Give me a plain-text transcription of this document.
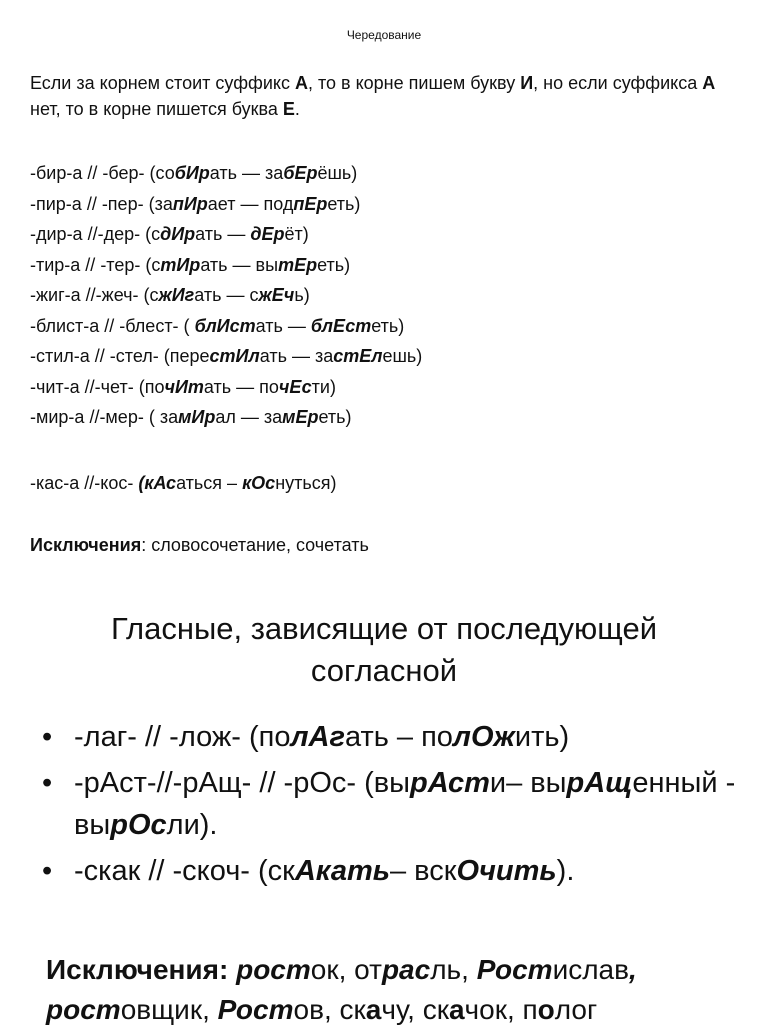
Чередование
Если за корнем стоит суффикс А, то в корне пишем букву И, но если суффикса А нет, то в корне пишется буква Е.
-бир-а // -бер- (собИрать — забЕрёшь)
-пир-а // -пер- (запИрает — подпЕреть)
-дир-а //-дер- (сдИрать — дЕрёт)
-тир-а // -тер- (стИрать — вытЕреть)
-жиг-а //-жеч- (сжИгать — сжЕчь)
-блист-а // -блест- ( блИстать — блЕстеть)
-стил-а // -стел- (перестИлать — застЕлешь)
-чит-а //-чет- (почИтать — почЕсти)
-мир-а //-мер- ( замИрал — замЕреть)
-кас-а //-кос- (кАсаться – кОснуться)
Исключения: словосочетание, сочетать
Гласные, зависящие от последующей согласной
• -лаг- // -лож- (полАгать – полОжить)
• -рАст-//-рАщ- // -рОс- (вырАсти– вырАщенный - вырОсли).
• -скак // -скоч- (скАкать– вскОчить).
Исключения: росток, отрасль, Ростислав, ростовщик, Ростов, скачу, скачок, полог
